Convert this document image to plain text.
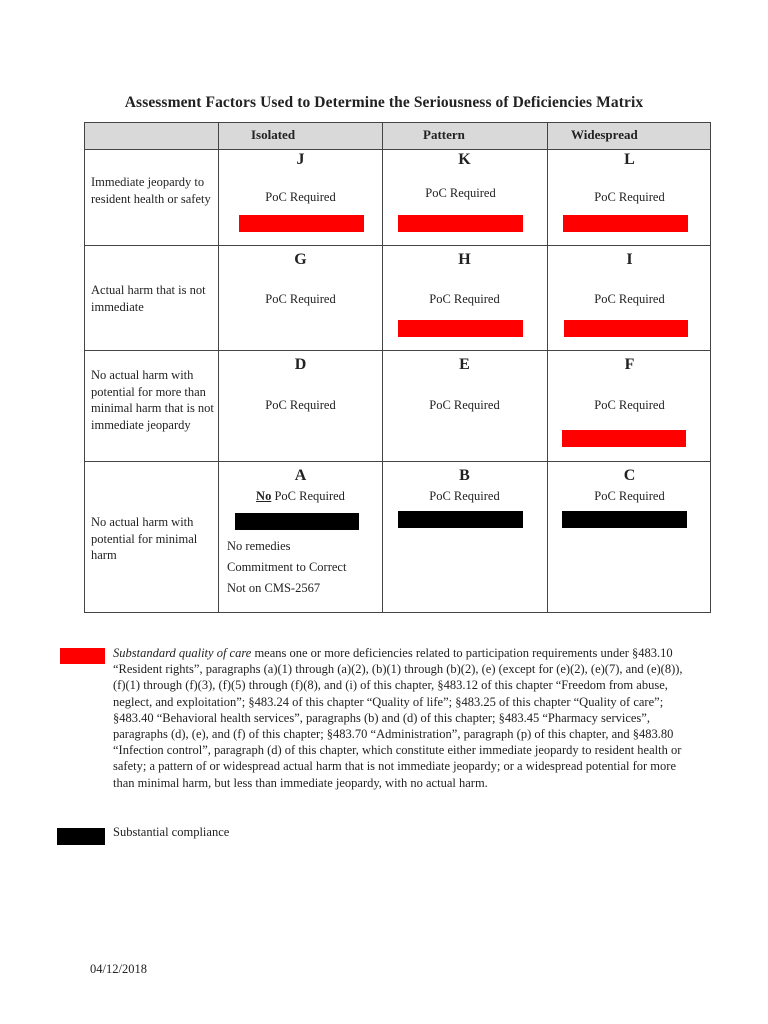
Assessment Factors Used to Determine the Seriousness of Deficiencies Matrix
Isolated	Pattern	Widespread
Immediate jeopardy to resident health or safety
J
PoC Required
K
PoC Required
L
PoC Required
Actual harm that is not immediate
G
PoC Required
H
PoC Required
I
PoC Required
No actual harm with potential for more than minimal harm that is not immediate jeopardy
D
PoC Required
E
PoC Required
F
PoC Required
No actual harm with potential for minimal harm
A
No PoC Required
No remedies
Commitment to Correct
Not on CMS-2567
B
PoC Required
C
PoC Required
Substandard quality of care means one or more deficiencies related to participation requirements under §483.10 “Resident rights”, paragraphs (a)(1) through (a)(2), (b)(1) through (b)(2), (e) (except for (e)(2), (e)(7), and (e)(8)), (f)(1) through (f)(3), (f)(5) through (f)(8), and (i) of this chapter, §483.12 of this chapter “Freedom from abuse, neglect, and exploitation”; §483.24 of this chapter “Quality of life”; §483.25 of this chapter “Quality of care”; §483.40 “Behavioral health services”, paragraphs (b) and (d) of this chapter; §483.45 “Pharmacy services”, paragraphs (d), (e), and (f) of this chapter; §483.70 “Administration”, paragraph (p) of this chapter, and §483.80 “Infection control”, paragraph (d) of this chapter, which constitute either immediate jeopardy to resident health or safety; a pattern of or widespread actual harm that is not immediate jeopardy; or a widespread potential for more than minimal harm, but less than immediate jeopardy, with no actual harm.
Substantial compliance
04/12/2018
